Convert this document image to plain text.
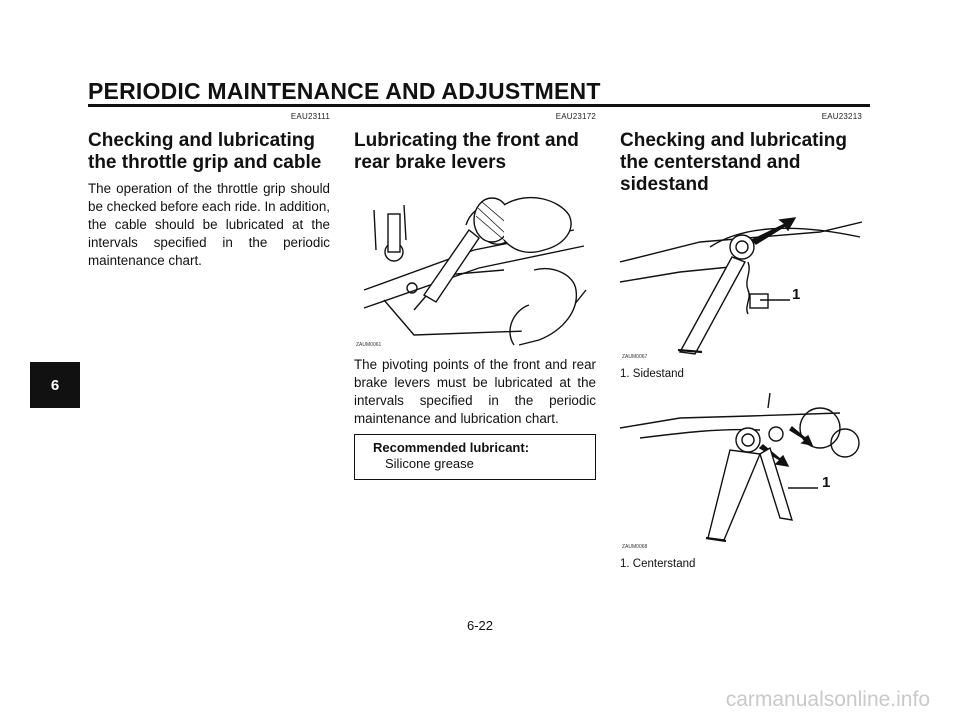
PERIODIC MAINTENANCE AND ADJUSTMENT
6
EAU23111
Checking and lubricating the throttle grip and cable

The operation of the throttle grip should be checked before each ride. In addition, the cable should be lubricated at the intervals specified in the periodic maintenance chart.

EAU23172
Lubricating the front and rear brake levers
ZAUM0061

The pivoting points of the front and rear brake levers must be lubricated at the intervals specified in the periodic maintenance and lubrication chart.

Recommended lubricant:
Silicone grease
EAU23213
Checking and lubricating the centerstand and sidestand
1
ZAUM0067
1. Sidestand
1
ZAUM0068
1. Centerstand
6-22
carmanualsonline.info
